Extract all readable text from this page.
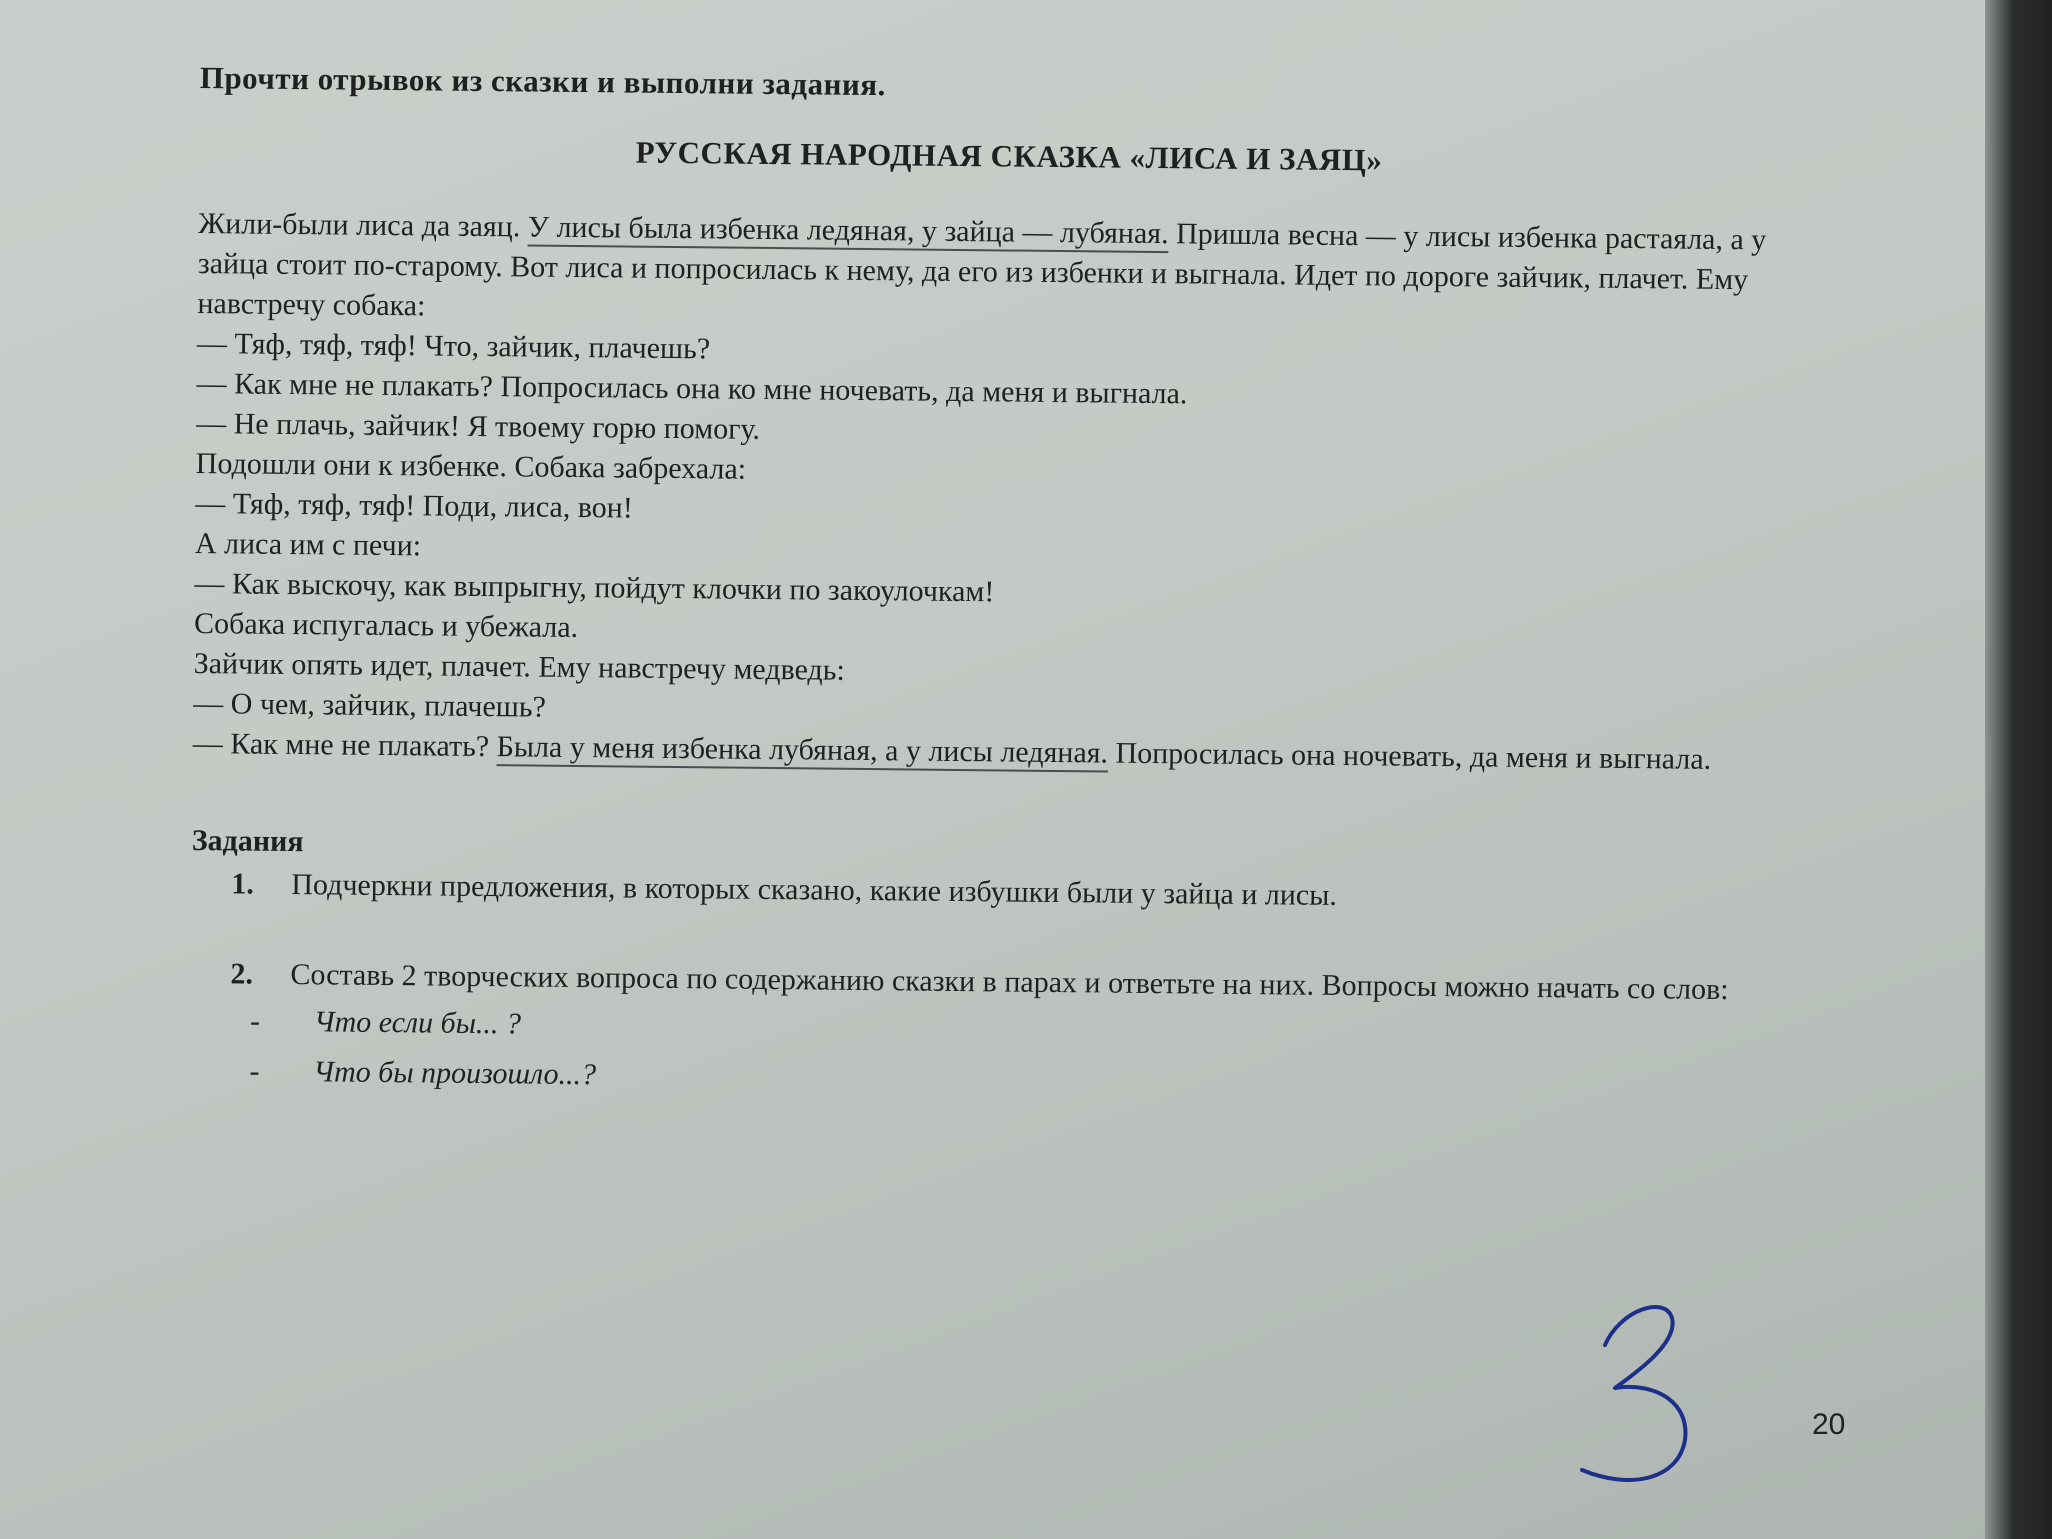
Прочти отрывок из сказки и выполни задания.
РУССКАЯ НАРОДНАЯ СКАЗКА «ЛИСА И ЗАЯЦ»

Жили-были лиса да заяц. У лисы была избенка ледяная, у зайца — лубяная. Пришла весна — у лисы избенка растаяла, а у зайца стоит по-старому. Вот лиса и попросилась к нему, да его из избенки и выгнала. Идет по дороге зайчик, плачет. Ему навстречу собака:

— Тяф, тяф, тяф! Что, зайчик, плачешь?

— Как мне не плакать? Попросилась она ко мне ночевать, да меня и выгнала.

— Не плачь, зайчик! Я твоему горю помогу.

Подошли они к избенке. Собака забрехала:

— Тяф, тяф, тяф! Поди, лиса, вон!

А лиса им с печи:

— Как выскочу, как выпрыгну, пойдут клочки по закоулочкам!

Собака испугалась и убежала.

Зайчик опять идет, плачет. Ему навстречу медведь:

— О чем, зайчик, плачешь?

— Как мне не плакать? Была у меня избенка лубяная, а у лисы ледяная. Попросилась она ночевать, да меня и выгнала.

Задания
1.	Подчеркни предложения, в которых сказано, какие избушки были у зайца и лисы.
2.	Составь 2 творческих вопроса по содержанию сказки в парах и ответьте на них. Вопросы можно начать со слов:
-	Что если бы... ?
-	Что бы произошло...?
20
